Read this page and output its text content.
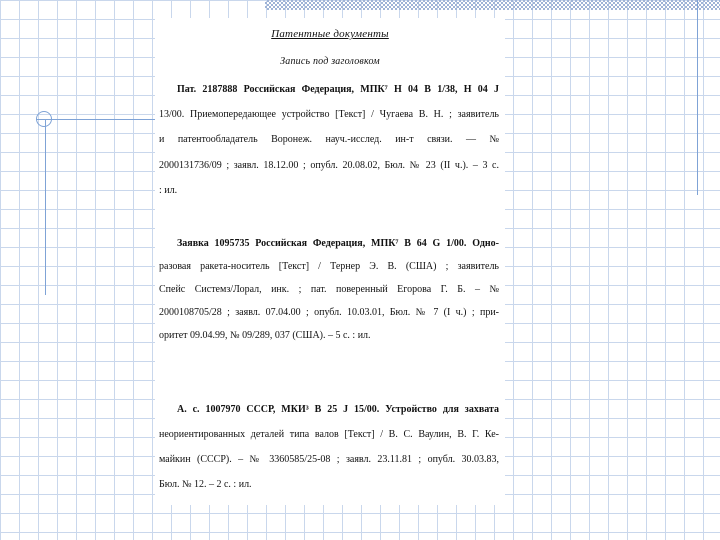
Патентные документы
Запись под заголовком
Пат. 2187888 Российская Федерация, МПК⁷ H 04 B 1/38, H 04 J
13/00. Приемопередающее устройство [Текст] / Чугаева В. Н. ; заявитель
и патентообладатель Воронеж. науч.-исслед. ин-т связи. — №
2000131736/09 ; заявл. 18.12.00 ; опубл. 20.08.02, Бюл. № 23 (II ч.). – 3 с.
: ил.
Заявка 1095735 Российская Федерация, МПК⁷ B 64 G 1/00. Одно-
разовая ракета-носитель [Текст] / Тернер Э. В. (США) ; заявитель
Спейс Системз/Лорал, инк. ; пат. поверенный Егорова Г. Б. – №
2000108705/28 ; заявл. 07.04.00 ; опубл. 10.03.01, Бюл. № 7 (I ч.) ; при-
оритет 09.04.99, № 09/289, 037 (США). – 5 с. : ил.
А. с. 1007970 СССР, МКИ³ B 25 J 15/00. Устройство для захвата
неориентированных деталей типа валов [Текст] / В. С. Ваулин, В. Г. Ке-
майкин (СССР). – № 3360585/25-08 ; заявл. 23.11.81 ; опубл. 30.03.83,
Бюл. № 12. – 2 с. : ил.
